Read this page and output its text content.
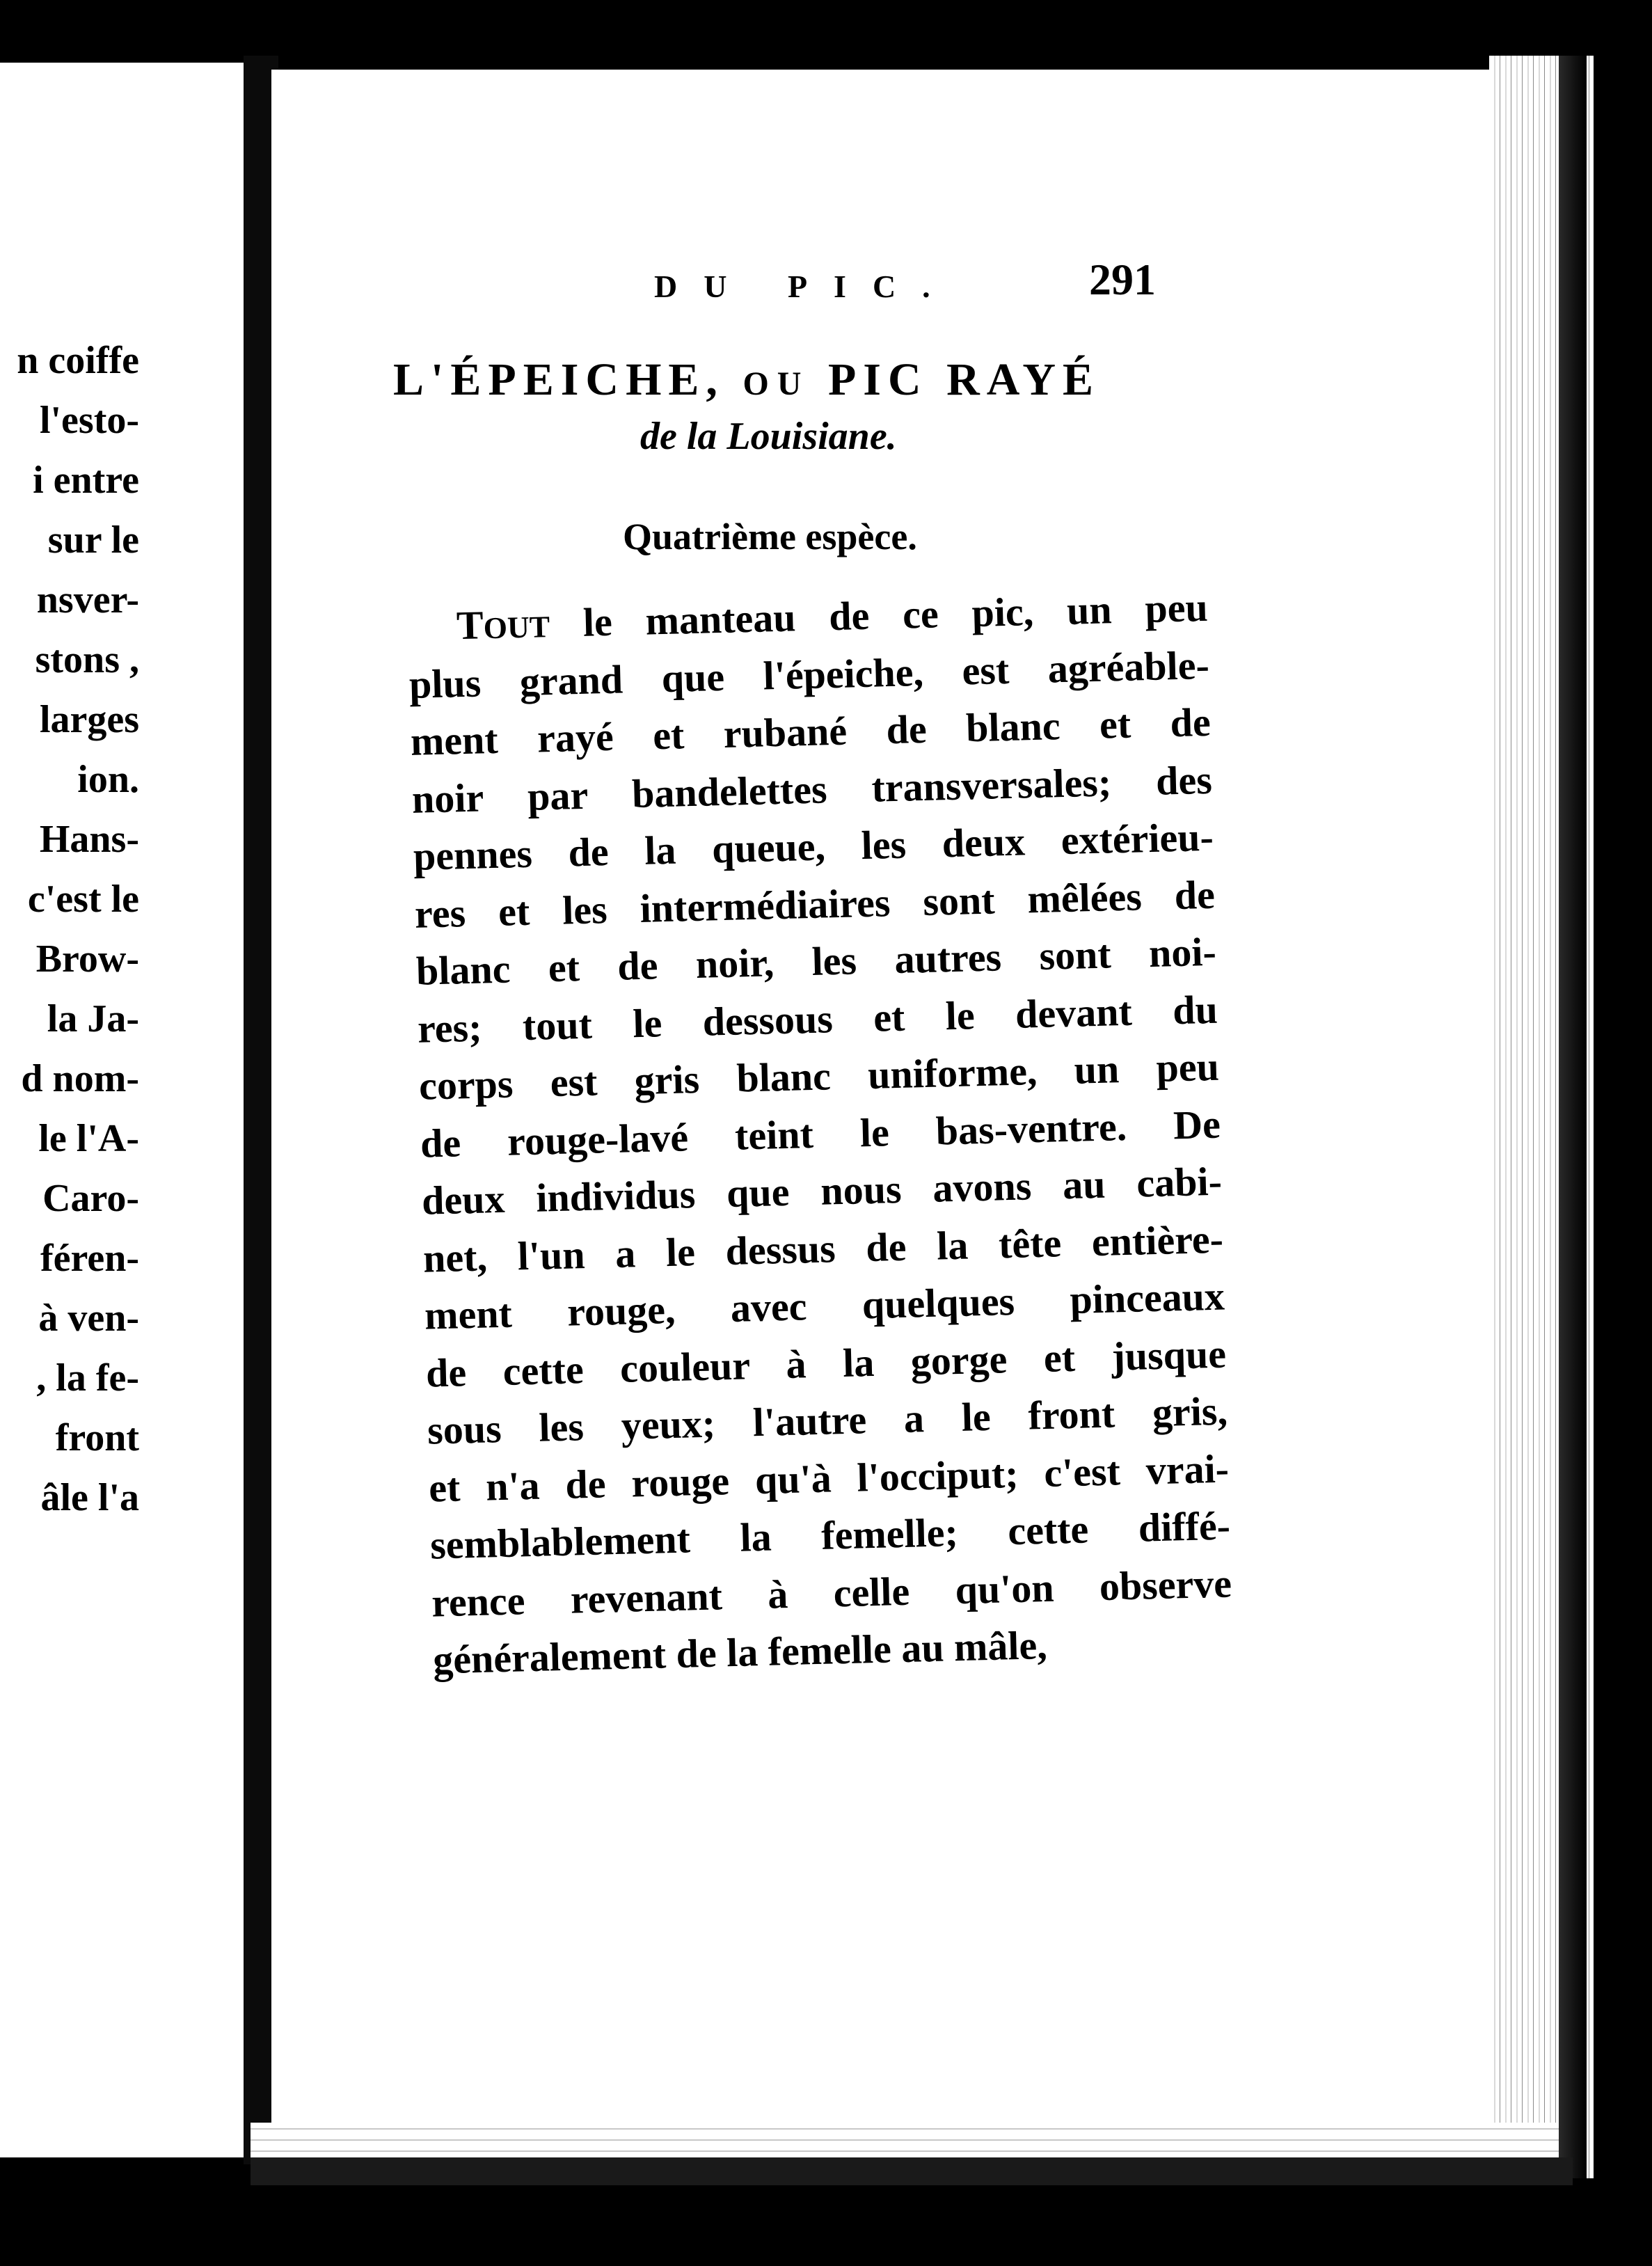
n coiffe
l'esto-
i entre
sur le
nsver-
stons ,
larges
ion.
Hans-
c'est le
Brow-
la Ja-
d nom-
le l'A-
Caro-
féren-
à ven-
, la fe-
front
âle l'a
DU PIC.	291
L'ÉPEICHE, OU PIC RAYÉ
de la Louisiane.
Quatrième espèce.
TOUT le manteau de ce pic, un peu
plus grand que l'épeiche, est agréable-
ment rayé et rubané de blanc et de
noir par bandelettes transversales; des
pennes de la queue, les deux extérieu-
res et les intermédiaires sont mêlées de
blanc et de noir, les autres sont noi-
res; tout le dessous et le devant du
corps est gris blanc uniforme, un peu
de rouge-lavé teint le bas-ventre. De
deux individus que nous avons au cabi-
net, l'un a le dessus de la tête entière-
ment rouge, avec quelques pinceaux
de cette couleur à la gorge et jusque
sous les yeux; l'autre a le front gris,
et n'a de rouge qu'à l'occiput; c'est vrai-
semblablement la femelle; cette diffé-
rence revenant à celle qu'on observe
généralement de la femelle au mâle,
